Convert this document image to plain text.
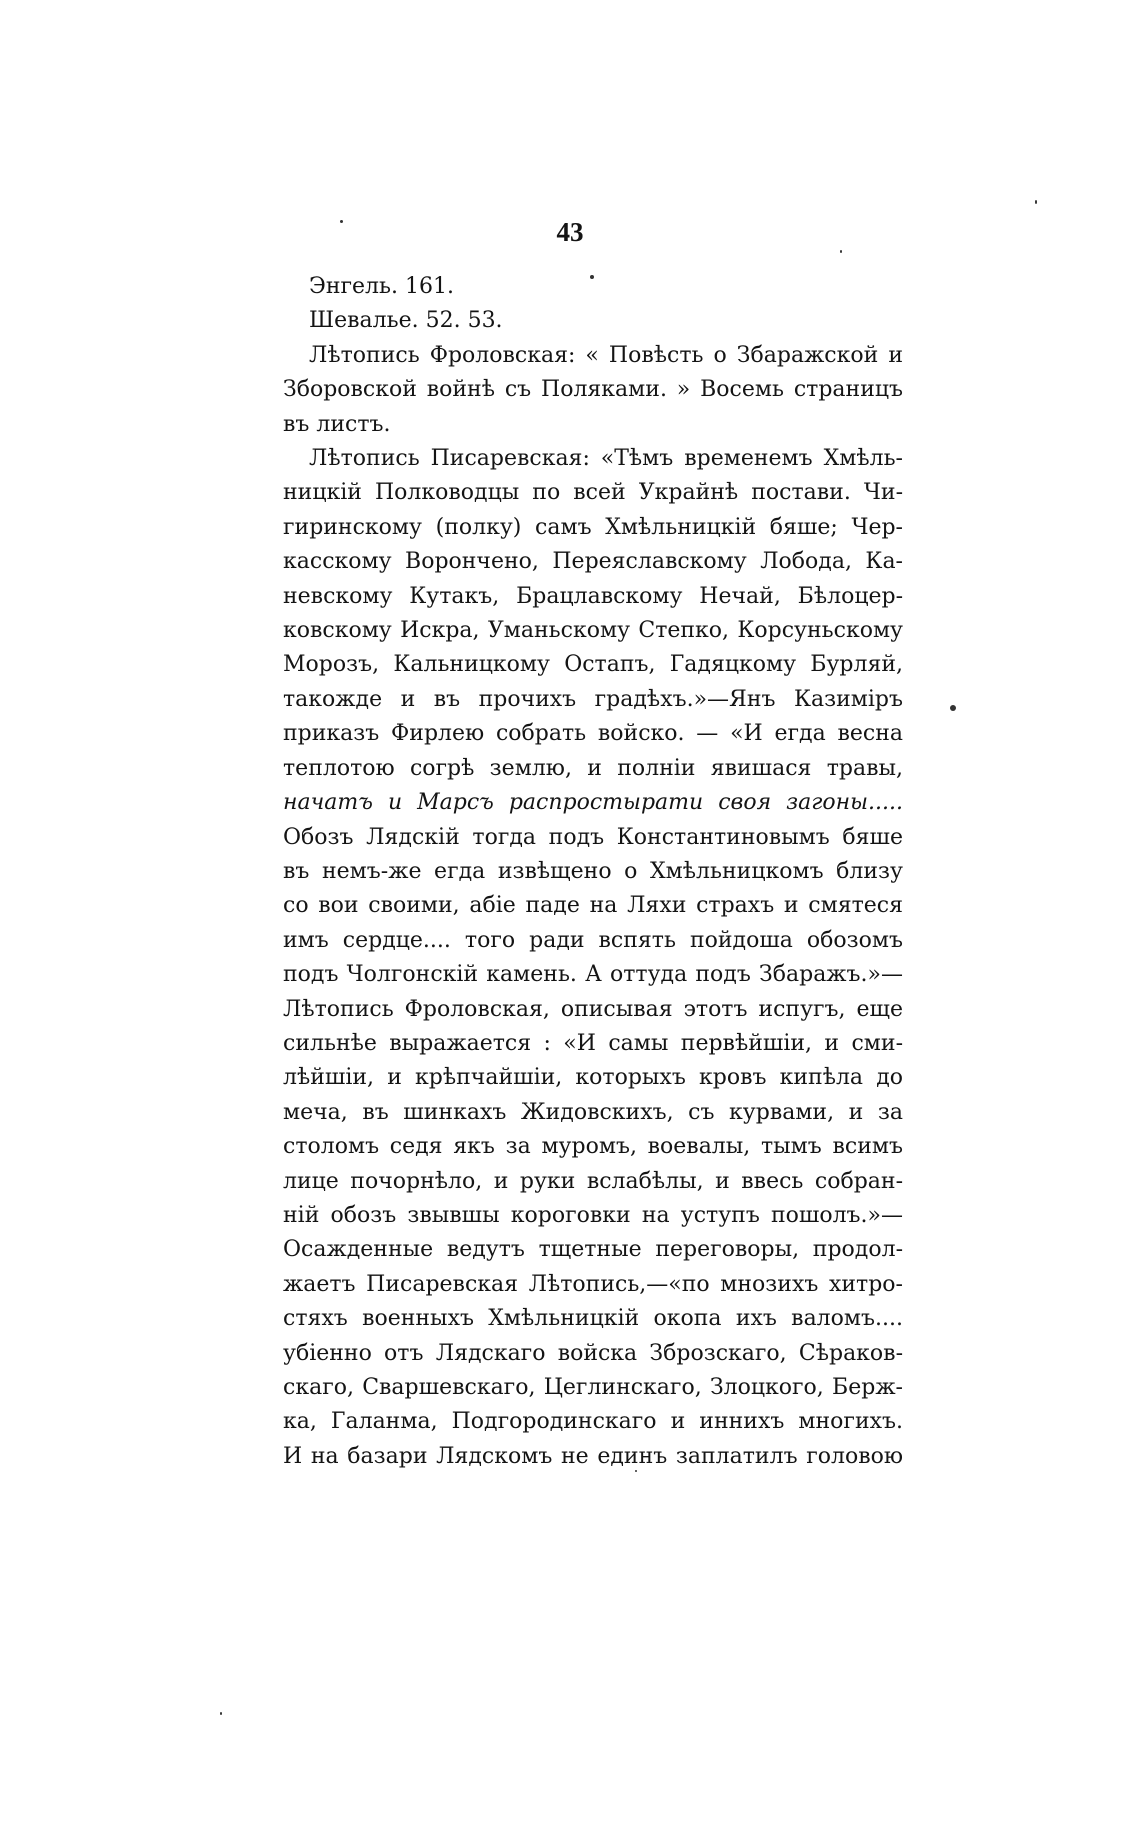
43
Энгель. 161.
Шевалье. 52. 53.
Лѣтопись Фроловская: « Повѣсть о Збаражской и
Зборовской войнѣ съ Поляками. » Восемь страницъ
въ листъ.
Лѣтопись Писаревская: «Тѣмъ временемъ Хмѣль-
ницкій Полководцы по всей Украйнѣ постави. Чи-
гиринскому (полку) самъ Хмѣльницкій бяше; Чер-
касскому Ворончено, Переяславскому Лобода, Ка-
невскому Кутакъ, Брацлавскому Нечай, Бѣлоцер-
ковскому Искра, Уманьскому Степко, Корсуньскому
Морозъ, Кальницкому Остапъ, Гадяцкому Бурляй,
такожде и въ прочихъ градѣхъ.»—Янъ Казиміръ
приказъ Фирлею собрать войско. — «И егда весна
теплотою согрѣ землю, и полніи явишася травы,
начатъ и Марсъ распростырати своя загоны.....
Обозъ Лядскій тогда подъ Константиновымъ бяше
въ немъ-же егда извѣщено о Хмѣльницкомъ близу
со вои своими, абіе паде на Ляхи страхъ и смятеся
имъ сердце.... того ради вспять пойдоша обозомъ
подъ Чолгонскій камень. А оттуда подъ Збаражъ.»—
Лѣтопись Фроловская, описывая этотъ испугъ, еще
сильнѣе выражается : «И самы первѣйшіи, и сми-
лѣйшіи, и крѣпчайшіи, которыхъ кровъ кипѣла до
меча, въ шинкахъ Жидовскихъ, съ курвами, и за
столомъ седя якъ за муромъ, воевалы, тымъ всимъ
лице почорнѣло, и руки вслабѣлы, и ввесь собран-
ній обозъ звывшы короговки на уступъ пошолъ.»—
Осажденные ведутъ тщетные переговоры, продол-
жаетъ Писаревская Лѣтопись,—«по мнозихъ хитро-
стяхъ военныхъ Хмѣльницкій окопа ихъ валомъ....
убіенно отъ Лядскаго войска Зброзскаго, Сѣраков-
скаго, Свaршевскаго, Цеглинскаго, Злоцкого, Берж-
ка, Галанма, Подгородинскаго и иннихъ многихъ.
И на базари Лядскомъ не единъ заплатилъ головою
